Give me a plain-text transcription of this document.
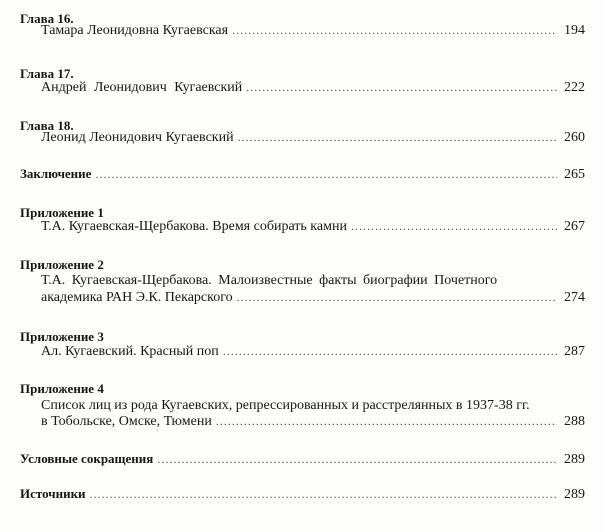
Глава 16.
Тамара Леонидовна Кугаевская .....	194
Глава 17.
Андрей Леонидович Кугаевский .....	222
Глава 18.
Леонид Леонидович Кугаевский .....	260
Заключение .....	265
Приложение 1
Т.А. Кугаевская-Щербакова. Время собирать камни .....	267
Приложение 2
Т.А. Кугаевская-Щербакова. Малоизвестные факты биографии Почетного
академика РАН Э.К. Пекарского .....	274
Приложение 3
Ал. Кугаевский. Красный поп .....	287
Приложение 4
Список лиц из рода Кугаевских, репрессированных и расстрелянных в 1937-38 гг.
в Тобольске, Омске, Тюмени .....	288
Условные сокращения .....	289
Источники .....	289
